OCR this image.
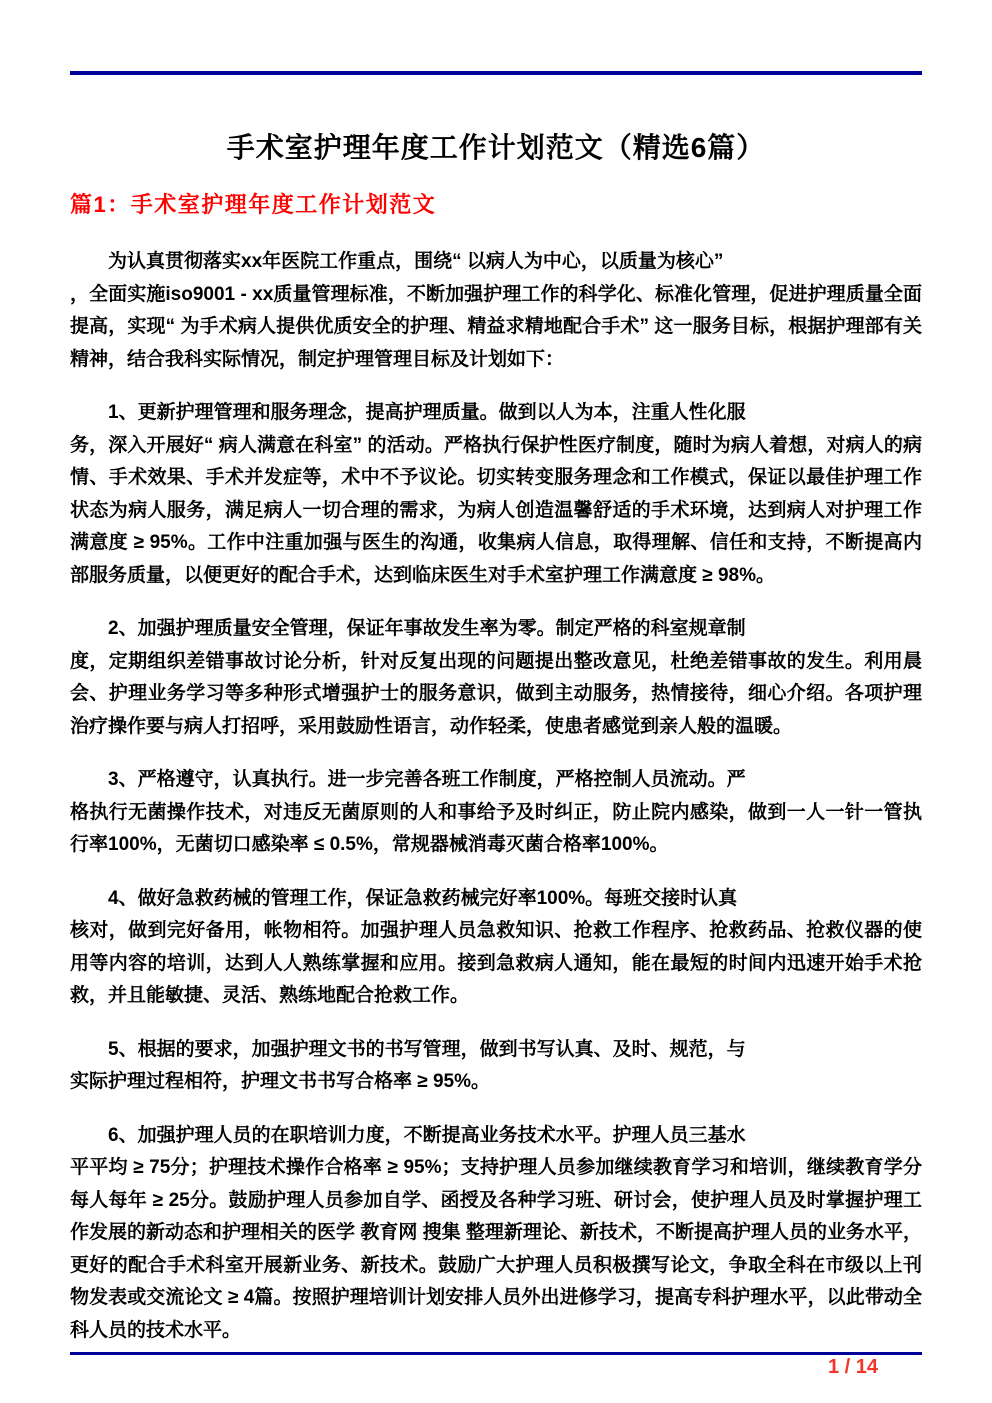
手术室护理年度工作计划范文（精选6篇）
篇1：手术室护理年度工作计划范文
为认真贯彻落实xx年医院工作重点，围绕“ 以病人为中心，以质量为核心”
，全面实施iso9001 - xx质量管理标准，不断加强护理工作的科学化、标准化管理，促进护理质量全面提高，实现“ 为手术病人提供优质安全的护理、精益求精地配合手术” 这一服务目标，根据护理部有关精神，结合我科实际情况，制定护理管理目标及计划如下：
1、更新护理管理和服务理念，提高护理质量。做到以人为本，注重人性化服
务，深入开展好“ 病人满意在科室” 的活动。严格执行保护性医疗制度，随时为病人着想，对病人的病情、手术效果、手术并发症等，术中不予议论。切实转变服务理念和工作模式，保证以最佳护理工作状态为病人服务，满足病人一切合理的需求，为病人创造温馨舒适的手术环境，达到病人对护理工作满意度 ≥ 95%。工作中注重加强与医生的沟通，收集病人信息，取得理解、信任和支持，不断提高内部服务质量，以便更好的配合手术，达到临床医生对手术室护理工作满意度 ≥ 98%。
2、加强护理质量安全管理，保证年事故发生率为零。制定严格的科室规章制
度，定期组织差错事故讨论分析，针对反复出现的问题提出整改意见，杜绝差错事故的发生。利用晨会、护理业务学习等多种形式增强护士的服务意识，做到主动服务，热情接待，细心介绍。各项护理治疗操作要与病人打招呼，采用鼓励性语言，动作轻柔，使患者感觉到亲人般的温暖。
3、严格遵守，认真执行。进一步完善各班工作制度，严格控制人员流动。严
格执行无菌操作技术，对违反无菌原则的人和事给予及时纠正，防止院内感染，做到一人一针一管执行率100%，无菌切口感染率 ≤ 0.5%，常规器械消毒灭菌合格率100%。
4、做好急救药械的管理工作，保证急救药械完好率100%。每班交接时认真
核对，做到完好备用，帐物相符。加强护理人员急救知识、抢救工作程序、抢救药品、抢救仪器的使用等内容的培训，达到人人熟练掌握和应用。接到急救病人通知，能在最短的时间内迅速开始手术抢救，并且能敏捷、灵活、熟练地配合抢救工作。
5、根据的要求，加强护理文书的书写管理，做到书写认真、及时、规范，与
实际护理过程相符，护理文书书写合格率 ≥ 95%。
6、加强护理人员的在职培训力度，不断提高业务技术水平。护理人员三基水
平平均 ≥ 75分；护理技术操作合格率 ≥ 95%；支持护理人员参加继续教育学习和培训，继续教育学分每人每年 ≥ 25分。鼓励护理人员参加自学、函授及各种学习班、研讨会，使护理人员及时掌握护理工作发展的新动态和护理相关的医学 教育网 搜集 整理新理论、新技术，不断提高护理人员的业务水平，更好的配合手术科室开展新业务、新技术。鼓励广大护理人员积极撰写论文，争取全科在市级以上刊物发表或交流论文 ≥ 4篇。按照护理培训计划安排人员外出进修学习，提高专科护理水平，以此带动全科人员的技术水平。
1 / 14
